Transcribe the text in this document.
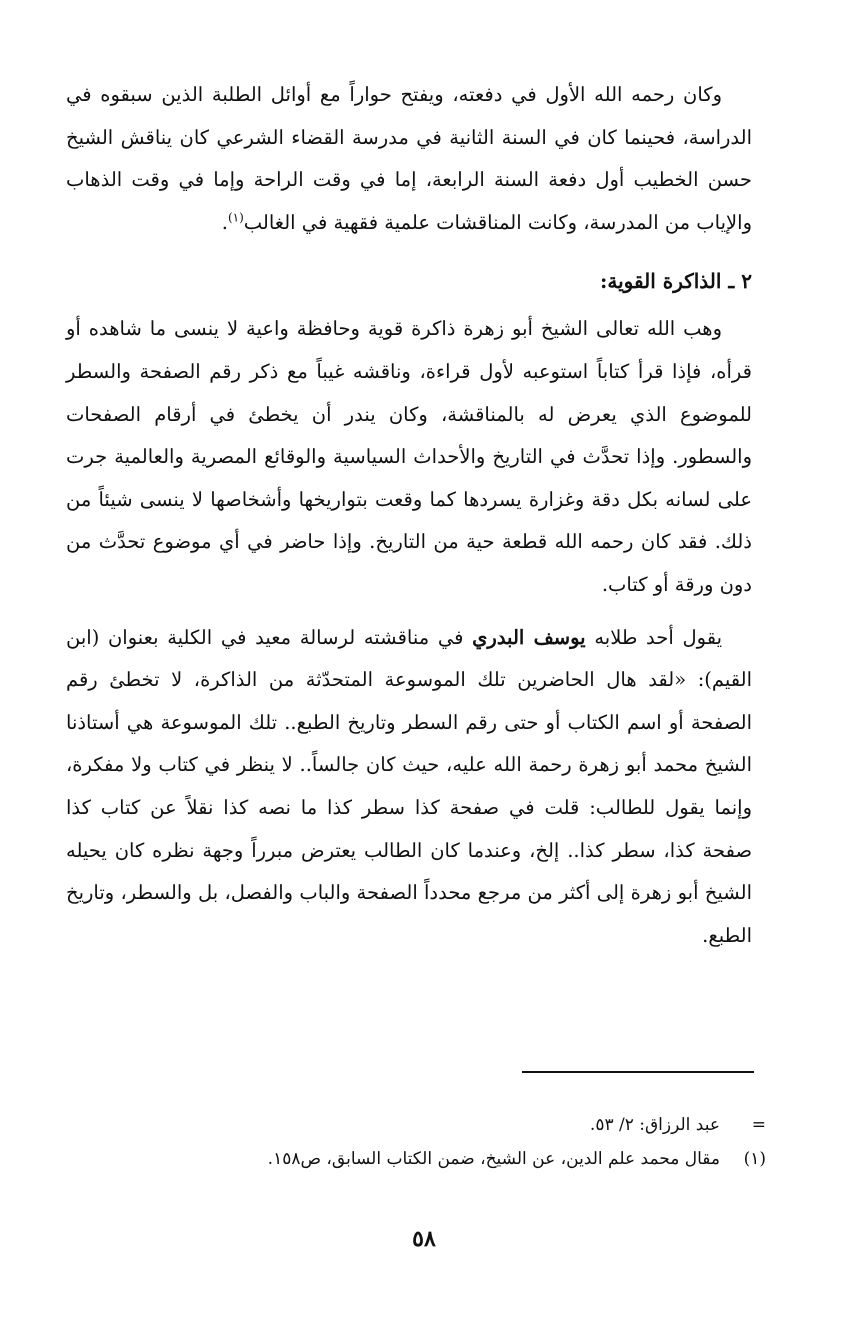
وكان رحمه الله الأول في دفعته، ويفتح حواراً مع أوائل الطلبة الذين سبقوه في الدراسة، فحينما كان في السنة الثانية في مدرسة القضاء الشرعي كان يناقش الشيخ حسن الخطيب أول دفعة السنة الرابعة، إما في وقت الراحة وإما في وقت الذهاب والإياب من المدرسة، وكانت المناقشات علمية فقهية في الغالب$^{(١)}$.

٢ ـ الذاكرة القوية:

وهب الله تعالى الشيخ أبو زهرة ذاكرة قوية وحافظة واعية لا ينسى ما شاهده أو قرأه، فإذا قرأ كتاباً استوعبه لأول قراءة، وناقشه غيباً مع ذكر رقم الصفحة والسطر للموضوع الذي يعرض له بالمناقشة، وكان يندر أن يخطئ في أرقام الصفحات والسطور. وإذا تحدَّث في التاريخ والأحداث السياسية والوقائع المصرية والعالمية جرت على لسانه بكل دقة وغزارة يسردها كما وقعت بتواريخها وأشخاصها لا ينسى شيئاً من ذلك. فقد كان رحمه الله قطعة حية من التاريخ. وإذا حاضر في أي موضوع تحدَّث من دون ورقة أو كتاب.

يقول أحد طلابه يوسف البدري في مناقشته لرسالة معيد في الكلية بعنوان (ابن القيم): «لقد هال الحاضرين تلك الموسوعة المتحدّثة من الذاكرة، لا تخطئ رقم الصفحة أو اسم الكتاب أو حتى رقم السطر وتاريخ الطبع.. تلك الموسوعة هي أستاذنا الشيخ محمد أبو زهرة رحمة الله عليه، حيث كان جالساً.. لا ينظر في كتاب ولا مفكرة، وإنما يقول للطالب: قلت في صفحة كذا سطر كذا ما نصه كذا نقلاً عن كتاب كذا صفحة كذا، سطر كذا.. إلخ، وعندما كان الطالب يعترض مبرراً وجهة نظره كان يحيله الشيخ أبو زهرة إلى أكثر من مرجع محدداً الصفحة والباب والفصل، بل والسطر، وتاريخ الطبع.

=
عبد الرزاق: ٢/ ٥٣.
(١)
مقال محمد علم الدين، عن الشيخ، ضمن الكتاب السابق، ص١٥٨.
٥٨
